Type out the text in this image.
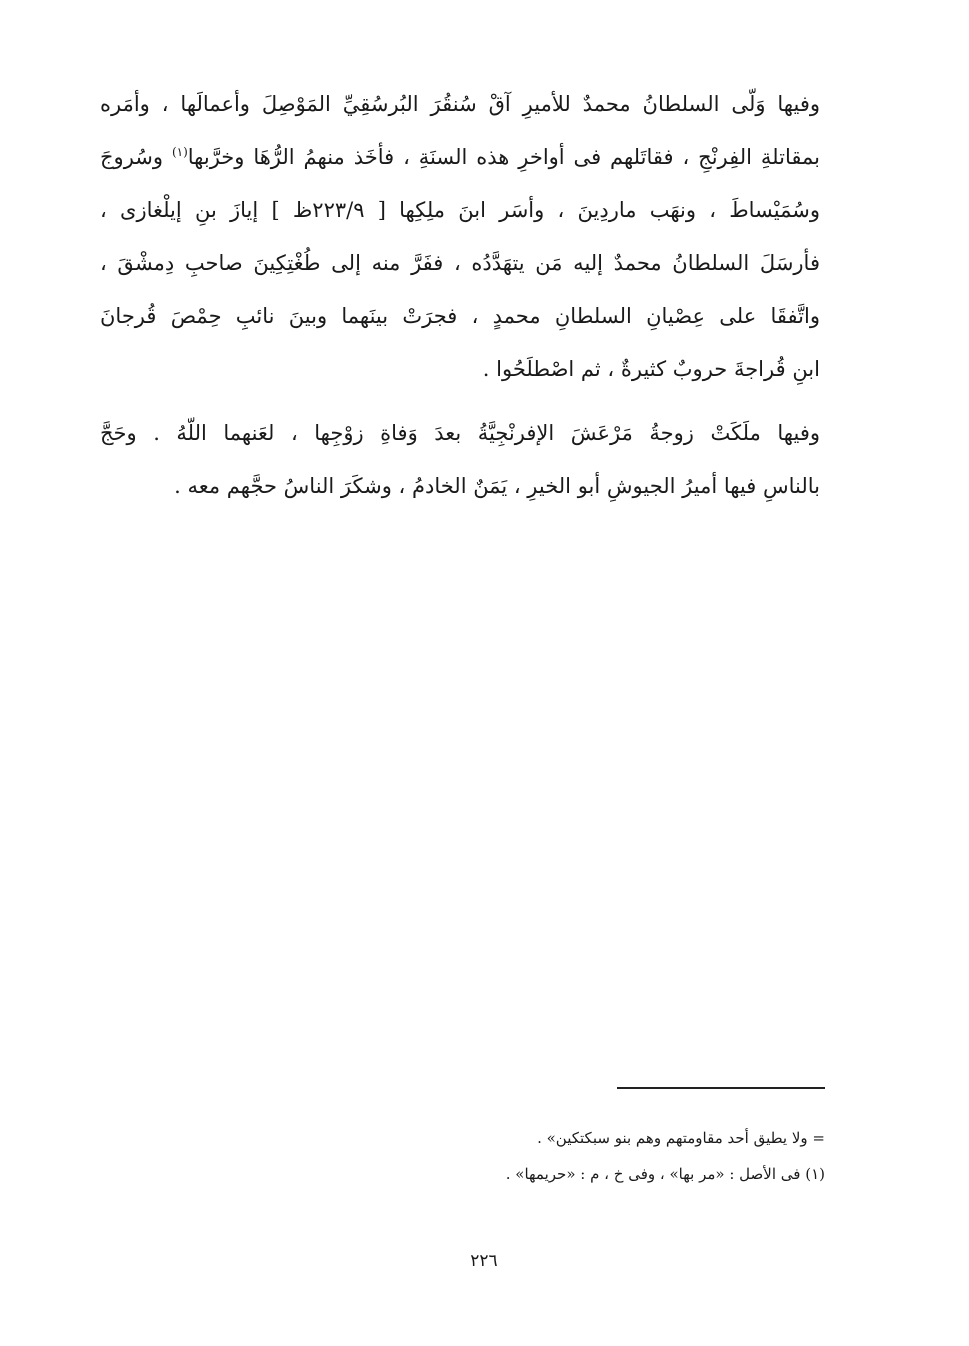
وفيها وَلّى السلطانُ محمدٌ للأميرِ آقْ سُنقُرَ البُرسُقِيِّ المَوْصِلَ وأعمالَها ، وأمَره
بمقاتلةِ الفِرنْجِ ، فقاتَلهم فى أواخرِ هذه السنَةِ ، فأخَذ منهمُ الرُّهَا وخرَّبها$^{(١)}$ وسُروجَ
وسُمَيْساطَ ، ونهَب ماردِينَ ، وأسَر ابنَ ملِكِها [ ٢٢٣/٩ظ ] إيازَ بنِ إيلْغازى ،
فأرسَلَ السلطانُ محمدٌ إليه مَن يتهَدَّدُه ، ففَرَّ منه إلى طُغْتِكِينَ صاحبِ دِمشْقَ ،
واتَّفقَا على عِصْيانِ السلطانِ محمدٍ ، فجرَتْ بينَهما وبينَ نائبِ حِمْصَ قُرجانَ
ابنِ قُراجةَ حروبٌ كثيرةٌ ، ثم اصْطلَحُوا .
وفيها ملَكَتْ زوجةُ مَرْعَشَ الإفرنْجِيَّةُ بعدَ وَفاةِ زوْجِها ، لعَنهما اللّهُ . وحَجَّ
بالناسِ فيها أميرُ الجيوشِ أبو الخيرِ ، يَمَنٌ الخادمُ ، وشكَرَ الناسُ حجَّهم معه .
= ولا يطيق أحد مقاومتهم وهم بنو سبكتكين» .
(١) فى الأصل : «مر بها» ، وفى خ ، م : «حريمها» .
٢٢٦
